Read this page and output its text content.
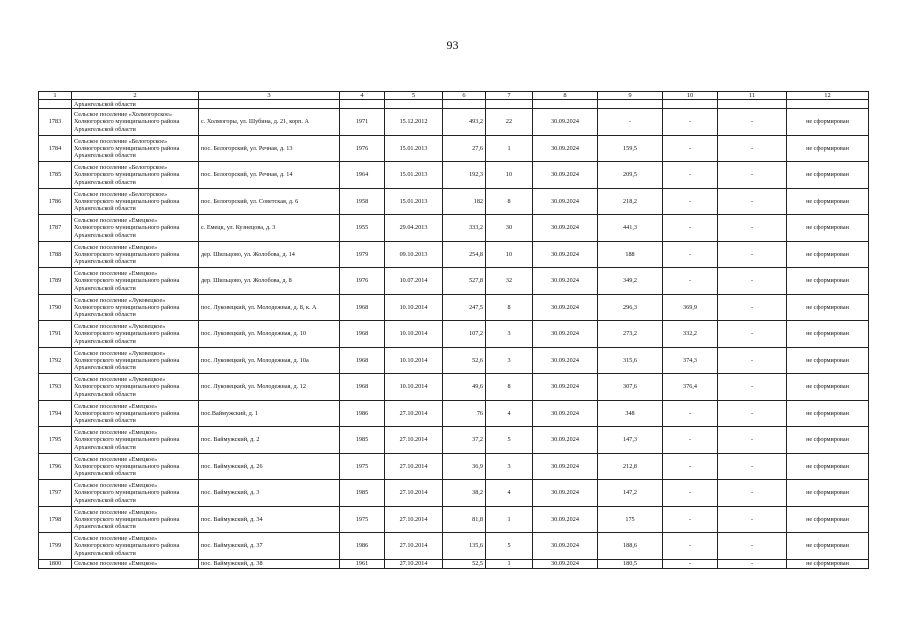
93
1	2	3	4	5	6	7	8	9	10	11	12
	Архангельской области										
1783	Сельское поселение «Холмогорское» Холмогорского муниципального района Архангельской области	с. Холмогоры, ул. Шубина, д. 21, корп. А	1971	15.12.2012	493,2	22	30.09.2024	-	-	-	не сформирован
1784	Сельское поселение «Белогорское» Холмогорского муниципального района Архангельской области	пос. Белогорский, ул. Речная, д. 13	1976	15.01.2013	27,6	1	30.09.2024	159,5	-	-	не сформирован
1785	Сельское поселение «Белогорское» Холмогорского муниципального района Архангельской области	пос. Белогорский, ул. Речная, д. 14	1964	15.01.2013	192,3	10	30.09.2024	209,5	-	-	не сформирован
1786	Сельское поселение «Белогорское» Холмогорского муниципального района Архангельской области	пос. Белогорский, ул. Советская, д. 6	1958	15.01.2013	182	8	30.09.2024	218,2	-	-	не сформирован
1787	Сельское поселение «Емецкое» Холмогорского муниципального района Архангельской области	с. Емецк, ул. Кузнецова, д. 3	1955	29.04.2013	333,2	30	30.09.2024	441,3	-	-	не сформирован
1788	Сельское поселение «Емецкое» Холмогорского муниципального района Архангельской области	дер. Шильцово, ул. Жолобова, д. 14	1979	09.10.2013	254,8	10	30.09.2024	188	-	-	не сформирован
1789	Сельское поселение «Емецкое» Холмогорского муниципального района Архангельской области	дер. Шильцово, ул. Жолобова, д. 8	1976	10.07.2014	527,8	32	30.09.2024	349,2	-	-	не сформирован
1790	Сельское поселение «Луковецкое» Холмогорского муниципального района Архангельской области	пос. Луковецкий, ул. Молодежная, д. 8, к. А	1968	10.10.2014	247,5	8	30.09.2024	296,3	369,9	-	не сформирован
1791	Сельское поселение «Луковецкое» Холмогорского муниципального района Архангельской области	пос. Луковецкий, ул. Молодежная, д. 10	1968	10.10.2014	107,2	3	30.09.2024	273,2	332,2	-	не сформирован
1792	Сельское поселение «Луковецкое» Холмогорского муниципального района Архангельской области	пос. Луковецкий, ул. Молодежная, д. 10а	1968	10.10.2014	52,6	3	30.09.2024	315,6	374,3	-	не сформирован
1793	Сельское поселение «Луковецкое» Холмогорского муниципального района Архангельской области	пос. Луковецкий, ул. Молодежная, д. 12	1968	10.10.2014	49,6	8	30.09.2024	307,6	376,4	-	не сформирован
1794	Сельское поселение «Емецкое» Холмогорского муниципального района Архангельской области	пос.Ваймужский, д. 1	1986	27.10.2014	76	4	30.09.2024	348	-	-	не сформирован
1795	Сельское поселение «Емецкое» Холмогорского муниципального района Архангельской области	пос. Ваймужский, д. 2	1985	27.10.2014	37,2	5	30.09.2024	147,3	-	-	не сформирован
1796	Сельское поселение «Емецкое» Холмогорского муниципального района Архангельской области	пос. Ваймужский, д. 26	1975	27.10.2014	36,9	3	30.09.2024	212,8	-	-	не сформирован
1797	Сельское поселение «Емецкое» Холмогорского муниципального района Архангельской области	пос. Ваймужский, д. 3	1985	27.10.2014	38,2	4	30.09.2024	147,2	-	-	не сформирован
1798	Сельское поселение «Емецкое» Холмогорского муниципального района Архангельской области	пос. Ваймужский, д. 34	1975	27.10.2014	81,8	1	30.09.2024	175	-	-	не сформирован
1799	Сельское поселение «Емецкое» Холмогорского муниципального района Архангельской области	пос. Ваймужский, д. 37	1986	27.10.2014	135,6	5	30.09.2024	188,6	-	-	не сформирован
1800	Сельское поселение «Емецкое»	пос. Ваймужский, д. 38	1961	27.10.2014	52,5	1	30.09.2024	180,5	-	-	не сформирован
